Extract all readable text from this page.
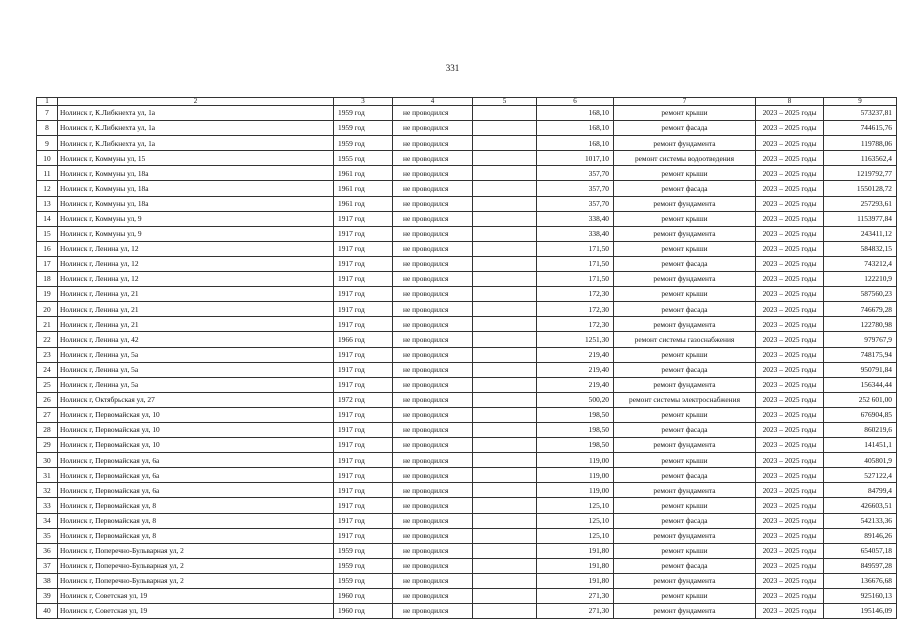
331
1	2	3	4	5	6	7	8	9
7	Нолинск г, К.Либкнехта ул, 1а	1959 год	не проводился		168,10	ремонт крыши	2023 – 2025 годы	573237,81
8	Нолинск г, К.Либкнехта ул, 1а	1959 год	не проводился		168,10	ремонт фасада	2023 – 2025 годы	744615,76
9	Нолинск г, К.Либкнехта ул, 1а	1959 год	не проводился		168,10	ремонт фундамента	2023 – 2025 годы	119788,06
10	Нолинск г, Коммуны ул, 15	1955 год	не проводился		1017,10	ремонт системы водоотведения	2023 – 2025 годы	1163562,4
11	Нолинск г, Коммуны ул, 18а	1961 год	не проводился		357,70	ремонт крыши	2023 – 2025 годы	1219792,77
12	Нолинск г, Коммуны ул, 18а	1961 год	не проводился		357,70	ремонт фасада	2023 – 2025 годы	1550128,72
13	Нолинск г, Коммуны ул, 18а	1961 год	не проводился		357,70	ремонт фундамента	2023 – 2025 годы	257293,61
14	Нолинск г, Коммуны ул, 9	1917 год	не проводился		338,40	ремонт крыши	2023 – 2025 годы	1153977,84
15	Нолинск г, Коммуны ул, 9	1917 год	не проводился		338,40	ремонт фундамента	2023 – 2025 годы	243411,12
16	Нолинск г, Ленина ул, 12	1917 год	не проводился		171,50	ремонт крыши	2023 – 2025 годы	584832,15
17	Нолинск г, Ленина ул, 12	1917 год	не проводился		171,50	ремонт фасада	2023 – 2025 годы	743212,4
18	Нолинск г, Ленина ул, 12	1917 год	не проводился		171,50	ремонт фундамента	2023 – 2025 годы	122210,9
19	Нолинск г, Ленина ул, 21	1917 год	не проводился		172,30	ремонт крыши	2023 – 2025 годы	587560,23
20	Нолинск г, Ленина ул, 21	1917 год	не проводился		172,30	ремонт фасада	2023 – 2025 годы	746679,28
21	Нолинск г, Ленина ул, 21	1917 год	не проводился		172,30	ремонт фундамента	2023 – 2025 годы	122780,98
22	Нолинск г, Ленина ул, 42	1966 год	не проводился		1251,30	ремонт системы газоснабжения	2023 – 2025 годы	979767,9
23	Нолинск г, Ленина ул, 5а	1917 год	не проводился		219,40	ремонт крыши	2023 – 2025 годы	748175,94
24	Нолинск г, Ленина ул, 5а	1917 год	не проводился		219,40	ремонт фасада	2023 – 2025 годы	950791,84
25	Нолинск г, Ленина ул, 5а	1917 год	не проводился		219,40	ремонт фундамента	2023 – 2025 годы	156344,44
26	Нолинск г, Октябрьская ул, 27	1972 год	не проводился		500,20	ремонт системы электроснабжения	2023 – 2025 годы	252 601,00
27	Нолинск г, Первомайская ул, 10	1917 год	не проводился		198,50	ремонт крыши	2023 – 2025 годы	676904,85
28	Нолинск г, Первомайская ул, 10	1917 год	не проводился		198,50	ремонт фасада	2023 – 2025 годы	860219,6
29	Нолинск г, Первомайская ул, 10	1917 год	не проводился		198,50	ремонт фундамента	2023 – 2025 годы	141451,1
30	Нолинск г, Первомайская ул, 6а	1917 год	не проводился		119,00	ремонт крыши	2023 – 2025 годы	405801,9
31	Нолинск г, Первомайская ул, 6а	1917 год	не проводился		119,00	ремонт фасада	2023 – 2025 годы	527122,4
32	Нолинск г, Первомайская ул, 6а	1917 год	не проводился		119,00	ремонт фундамента	2023 – 2025 годы	84799,4
33	Нолинск г, Первомайская ул, 8	1917 год	не проводился		125,10	ремонт крыши	2023 – 2025 годы	426603,51
34	Нолинск г, Первомайская ул, 8	1917 год	не проводился		125,10	ремонт фасада	2023 – 2025 годы	542133,36
35	Нолинск г, Первомайская ул, 8	1917 год	не проводился		125,10	ремонт фундамента	2023 – 2025 годы	89146,26
36	Нолинск г, Поперечно-Бульварная ул, 2	1959 год	не проводился		191,80	ремонт крыши	2023 – 2025 годы	654057,18
37	Нолинск г, Поперечно-Бульварная ул, 2	1959 год	не проводился		191,80	ремонт фасада	2023 – 2025 годы	849597,28
38	Нолинск г, Поперечно-Бульварная ул, 2	1959 год	не проводился		191,80	ремонт фундамента	2023 – 2025 годы	136676,68
39	Нолинск г, Советская ул, 19	1960 год	не проводился		271,30	ремонт крыши	2023 – 2025 годы	925160,13
40	Нолинск г, Советская ул, 19	1960 год	не проводился		271,30	ремонт фундамента	2023 – 2025 годы	195146,09
